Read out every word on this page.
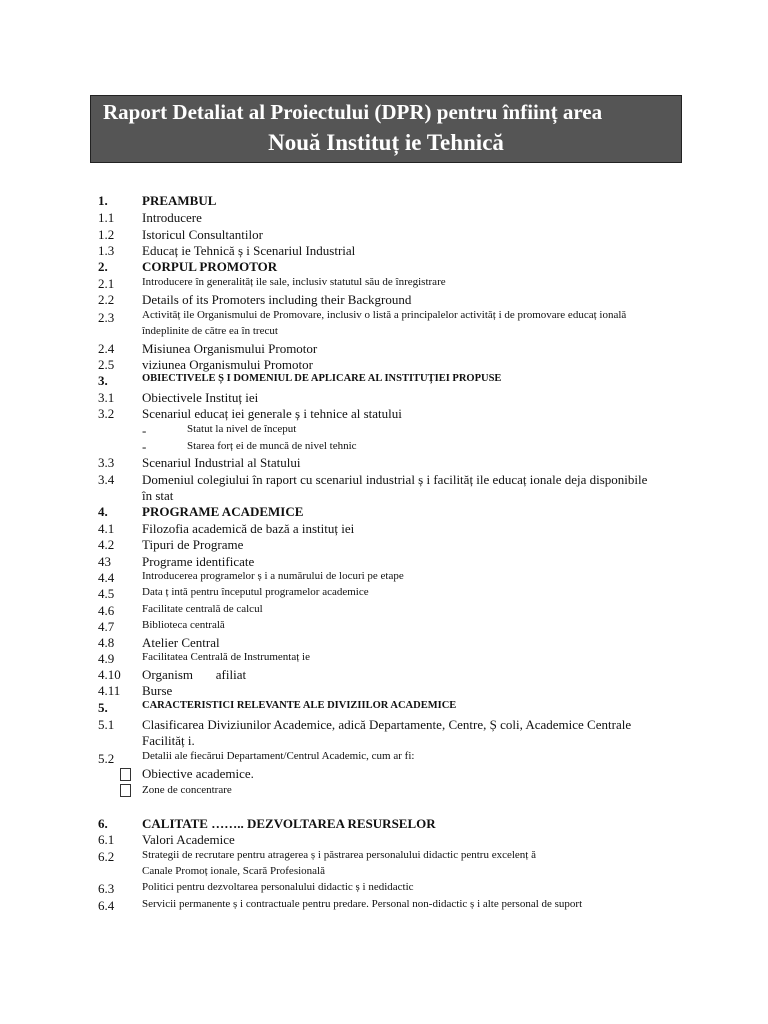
Raport Detaliat al Proiectului (DPR) pentru înființ area
Nouă Instituț ie Tehnică
1.	PREAMBUL
1.1 Introducere
1.2 Istoricul Consultantilor
1.3 Educaț ie Tehnică ș i Scenariul Industrial
2.	CORPUL PROMOTOR
2.1	Introducere în generalităț ile sale, inclusiv statutul său de înregistrare
2.2 Details of its Promoters including their Background
2.3	Activităț ile Organismului de Promovare, inclusiv o listă a principalelor activităț i de promovare educaț ională
îndeplinite de către ea în trecut
2.4 Misiunea Organismului Promotor
2.5 viziunea Organismului Promotor
3.	OBIECTIVELE Ș I DOMENIUL DE APLICARE AL INSTITUȚIEI PROPUSE
3.1 Obiectivele Instituț iei
3.2 Scenariul educaț iei generale ș i tehnice al statului
-	Statut la nivel de început
-	Starea forț ei de muncă de nivel tehnic
3.3 Scenariul Industrial al Statului
3.4 Domeniul colegiului în raport cu scenariul industrial ș i facilităț ile educaț ionale deja disponibile
în stat
4.	PROGRAME ACADEMICE
4.1 Filozofia academică de bază a instituț iei
4.2 Tipuri de Programe
43 Programe identificate
4.4	Introducerea programelor ș i a numărului de locuri pe etape
4.5	Data ț intă pentru începutul programelor academice
4.6	Facilitate centrală de calcul
4.7	Biblioteca centrală
4.8 Atelier Central
4.9	Facilitatea Centrală de Instrumentaț ie
4.10 Organism       afiliat
4.11 Burse
5.	CARACTERISTICI RELEVANTE ALE DIVIZIILOR ACADEMICE
5.1 Clasificarea Diviziunilor Academice, adică Departamente, Centre, Ș coli, Academice Centrale
Facilităț i.
5.2	Detalii ale fiecărui Departament/Centrul Academic, cum ar fi:
Obiective academice.
Zone de concentrare
6.	CALITATE …….. DEZVOLTAREA RESURSELOR
6.1 Valori Academice
6.2	Strategii de recrutare pentru atragerea ș i păstrarea personalului didactic pentru excelenț ă
Canale Promoț ionale, Scară Profesională
6.3	Politici pentru dezvoltarea personalului didactic ș i nedidactic
6.4	Servicii permanente ș i contractuale pentru predare. Personal non-didactic ș i alte personal de suport
